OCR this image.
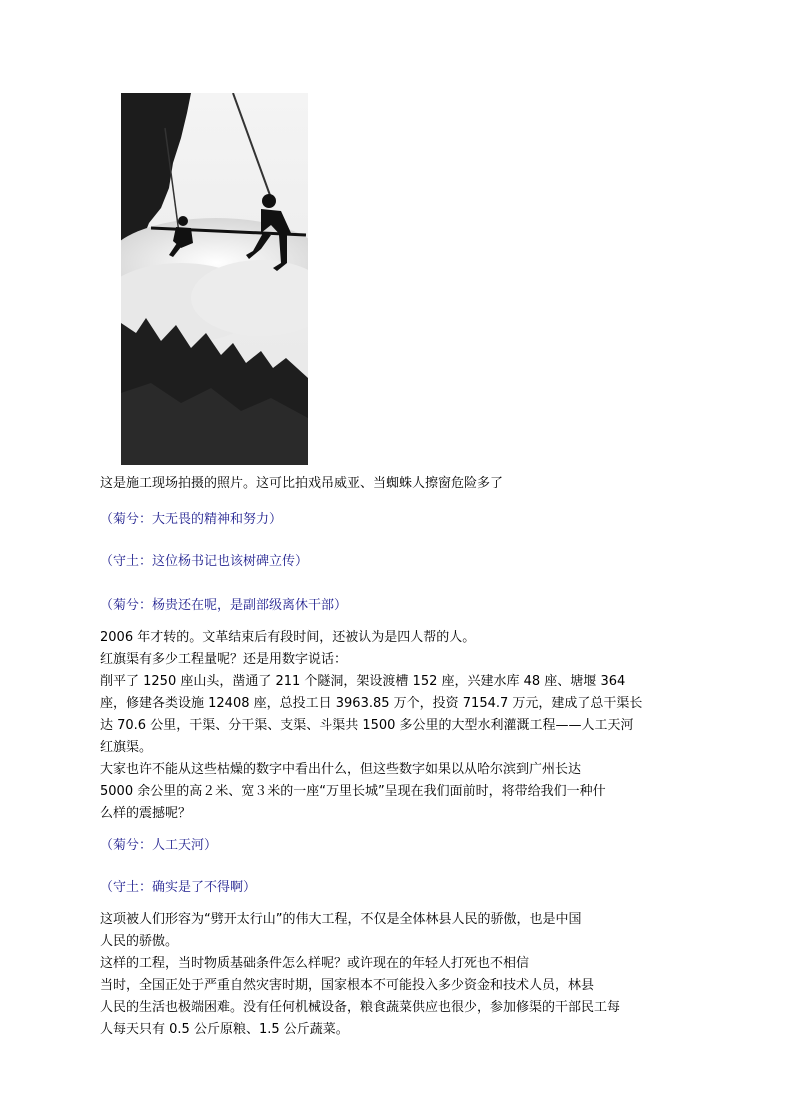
这是施工现场拍摄的照片。这可比拍戏吊威亚、当蜘蛛人擦窗危险多了

（菊兮：大无畏的精神和努力）

（守土：这位杨书记也该树碑立传）

（菊兮：杨贵还在呢，是副部级离休干部）

2006 年才转的。文革结束后有段时间，还被认为是四人帮的人。

红旗渠有多少工程量呢？还是用数字说话：

削平了 1250 座山头，凿通了 211 个隧洞，架设渡槽 152 座，兴建水库 48 座、塘堰 364

座，修建各类设施 12408 座，总投工日 3963.85 万个，投资 7154.7 万元，建成了总干渠长

达 70.6 公里，干渠、分干渠、支渠、斗渠共 1500 多公里的大型水利灌溉工程——人工天河

红旗渠。

大家也许不能从这些枯燥的数字中看出什么，但这些数字如果以从哈尔滨到广州长达

5000 余公里的高２米、宽３米的一座“万里长城”呈现在我们面前时，将带给我们一种什

么样的震撼呢？

（菊兮：人工天河）

（守土：确实是了不得啊）

这项被人们形容为“劈开太行山”的伟大工程，不仅是全体林县人民的骄傲，也是中国

人民的骄傲。

这样的工程，当时物质基础条件怎么样呢？或许现在的年轻人打死也不相信

当时，全国正处于严重自然灾害时期，国家根本不可能投入多少资金和技术人员，林县

人民的生活也极端困难。没有任何机械设备，粮食蔬菜供应也很少，参加修渠的干部民工每

人每天只有 0.5 公斤原粮、1.5 公斤蔬菜。
